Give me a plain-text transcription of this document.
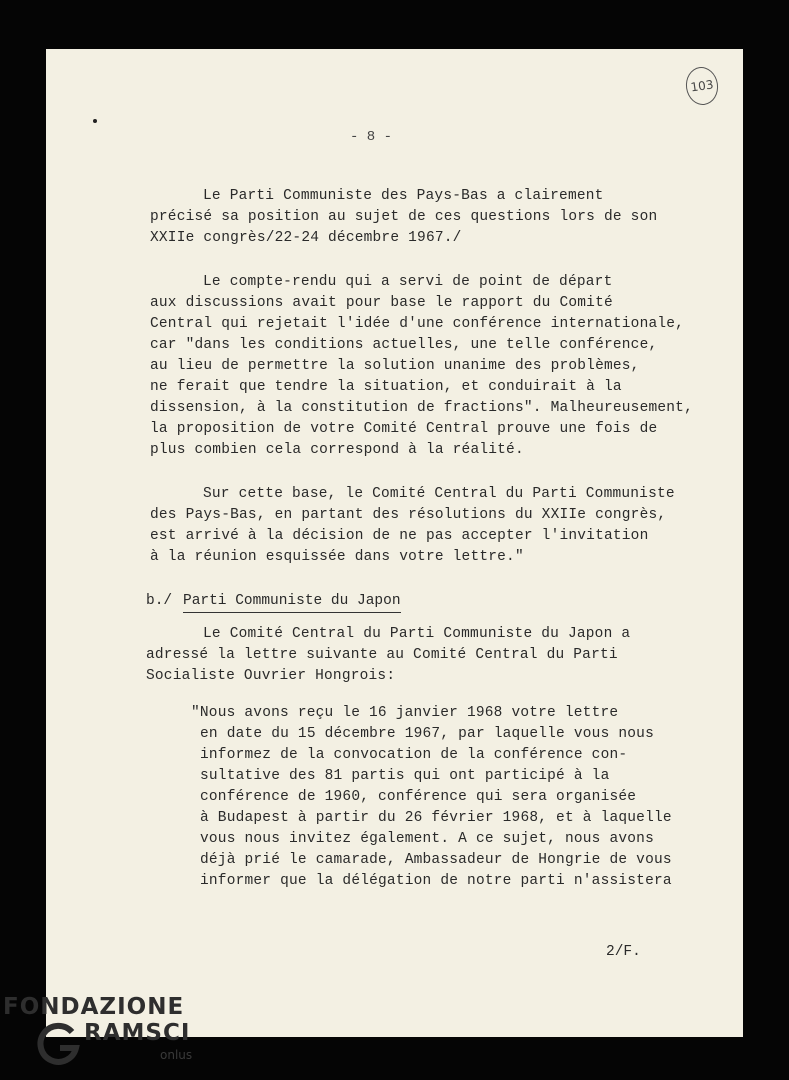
103
- 8 -
Le Parti Communiste des Pays-Bas a clairement
précisé sa position au sujet de ces questions lors de son
XXIIe congrès/22-24 décembre 1967./
Le compte-rendu qui a servi de point de départ
aux discussions avait pour base le rapport du Comité
Central qui rejetait l'idée d'une conférence internationale,
car "dans les conditions actuelles, une telle conférence,
au lieu de permettre la solution unanime des problèmes,
ne ferait que tendre la situation, et conduirait à la
dissension, à la constitution de fractions". Malheureusement,
la proposition de votre Comité Central prouve une fois de
plus combien cela correspond à la réalité.
Sur cette base, le Comité Central du Parti Communiste
des Pays-Bas, en partant des résolutions du XXIIe congrès,
est arrivé à la décision de ne pas accepter l'invitation
à la réunion esquissée dans votre lettre."
b./ Parti Communiste du Japon
Le Comité Central du Parti Communiste du Japon a
adressé la lettre suivante au Comité Central du Parti
Socialiste Ouvrier Hongrois:
"Nous avons reçu le 16 janvier 1968 votre lettre
en date du 15 décembre 1967, par laquelle vous nous
informez de la convocation de la conférence con-
sultative des 81 partis qui ont participé à la
conférence de 1960, conférence qui sera organisée
à Budapest à partir du 26 février 1968, et à laquelle
vous nous invitez également. A ce sujet, nous avons
déjà prié le camarade, Ambassadeur de Hongrie de vous
informer que la délégation de notre parti n'assistera
2/F.
FONDAZIONE
RAMSCI
onlus
